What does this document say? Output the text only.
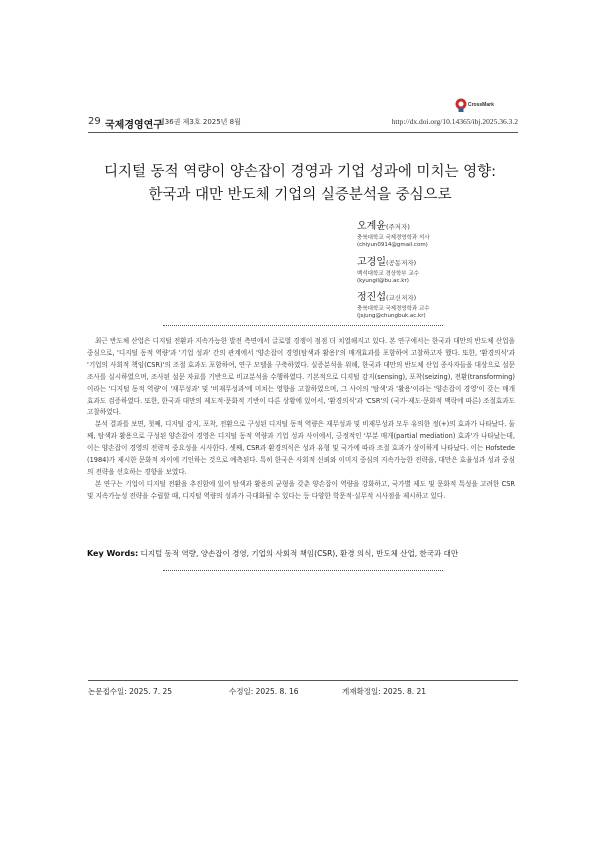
CrossMark
29 국제경영연구
제36권 제3호 2025년 8월	http://dx.doi.org/10.14365/ibj.2025.36.3.2
디지털 동적 역량이 양손잡이 경영과 기업 성과에 미치는 영향:
한국과 대만 반도체 기업의 실증분석을 중심으로
오계윤(주저자)
충북대학교 국제경영학과 석사
(chiyun0914@gmail.com)
고경일(공동저자)
백석대학교 경상학부 교수
(kyungil@bu.ac.kr)
정진섭(교신저자)
충북대학교 국제경영학과 교수
(jsjung@chungbuk.ac.kr)

최근 반도체 산업은 디지털 전환과 지속가능한 발전 측면에서 글로벌 경쟁이 점점 더 치열해지고 있다. 본 연구에서는 한국과 대만의 반도체 산업을 중심으로, '디지털 동적 역량'과 '기업 성과' 간의 관계에서 '양손잡이 경영(탐색과 활용)'의 매개효과를 포함하여 고찰하고자 했다. 또한, '환경의식'과 '기업의 사회적 책임(CSR)'의 조절 효과도 포함하여, 연구 모델을 구축하였다. 실증분석을 위해, 한국과 대만의 반도체 산업 종사자들을 대상으로 설문조사를 실시하였으며, 조사된 설문 자료를 기반으로 비교분석을 수행하였다. 기본적으로 디지털 감지(sensing), 포착(seizing), 전환(transforming)이라는 '디지털 동적 역량'이 '재무성과' 및 '비재무성과'에 미치는 영향을 고찰하였으며, 그 사이의 '탐색'과 '활용'이라는 '양손잡이 경영'이 갖는 매개효과도 검증하였다. 또한, 한국과 대만의 제도적·문화적 기반이 다른 상황에 있어서, '환경의식'과 'CSR'의 (국가·제도·문화적 맥락에 따른) 조절효과도 고찰하였다.

분석 결과를 보면, 첫째, 디지털 감지, 포착, 전환으로 구성된 디지털 동적 역량은 재무성과 및 비재무성과 모두 유의한 정(+)의 효과가 나타났다. 둘째, 탐색과 활용으로 구성된 양손잡이 경영은 디지털 동적 역량과 기업 성과 사이에서, 긍정적인 '부분 매개(partial mediation) 효과'가 나타났는데, 이는 양손잡이 경영의 전략적 중요성을 시사한다. 셋째, CSR과 환경의식은 성과 유형 및 국가에 따라 조절 효과가 상이하게 나타났다. 이는 Hofstede (1984)가 제시한 문화적 차이에 기인하는 것으로 예측된다. 특히 한국은 사회적 신뢰와 이미지 중심의 지속가능한 전략을, 대만은 효율성과 성과 중심의 전략을 선호하는 경향을 보였다.

본 연구는 기업이 디지털 전환을 추진함에 있어 탐색과 활용의 균형을 갖춘 양손잡이 역량을 강화하고, 국가별 제도 및 문화적 특성을 고려한 CSR 및 지속가능성 전략을 수립할 때, 디지털 역량의 성과가 극대화될 수 있다는 등 다양한 학문적·실무적 시사점을 제시하고 있다.

Key Words: 디지털 동적 역량, 양손잡이 경영, 기업의 사회적 책임(CSR), 환경 의식, 반도체 산업, 한국과 대만
논문접수일: 2025. 7. 25	수정일: 2025. 8. 16	게재확정일: 2025. 8. 21
